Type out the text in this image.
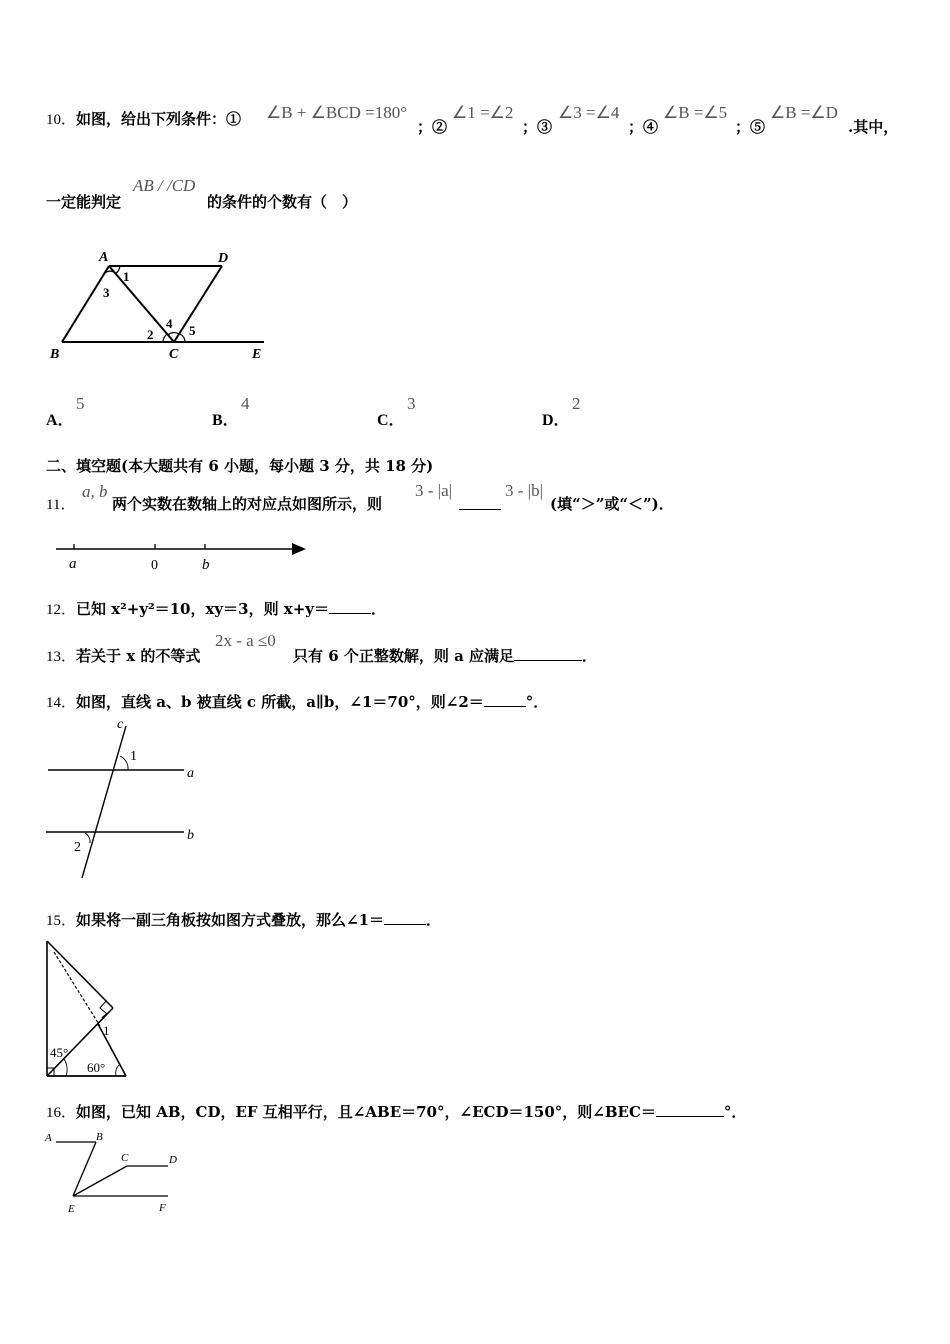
10．如图，给出下列条件：① ∠B + ∠BCD =180°
；②
∠1 =∠2
；③
∠3 =∠4
；④
∠B =∠5
；⑤
∠B =∠D
.其中，
一定能判定
AB / /CD
的条件的个数有（　）
A	D
B	C	E
1
2
3
4 5
A．
5
B．
4
C．
3
D．
2
二、填空题(本大题共有 6 小题，每小题 3 分，共 18 分)
11．
a, b
两个实数在数轴上的对应点如图所示，则
3 - |a|	3 - |b|
(填“＞”或“＜”)．
a	0	b
12．已知 x²+y²＝10，xy＝3，则 x+y＝	．
13．若关于 x 的不等式
2x - a ≤0
只有 6 个正整数解，则 a 应满足	．
14．如图，直线 a、b 被直线 c 所截，a∥b，∠1＝70°，则∠2＝	°．
c
a
b
1
2
15．如果将一副三角板按如图方式叠放，那么∠1＝	．
1
45°
60°
16．如图，已知 AB，CD，EF 互相平行，且∠ABE＝70°，∠ECD＝150°，则∠BEC＝	°．
A	B
C	D
E	F
